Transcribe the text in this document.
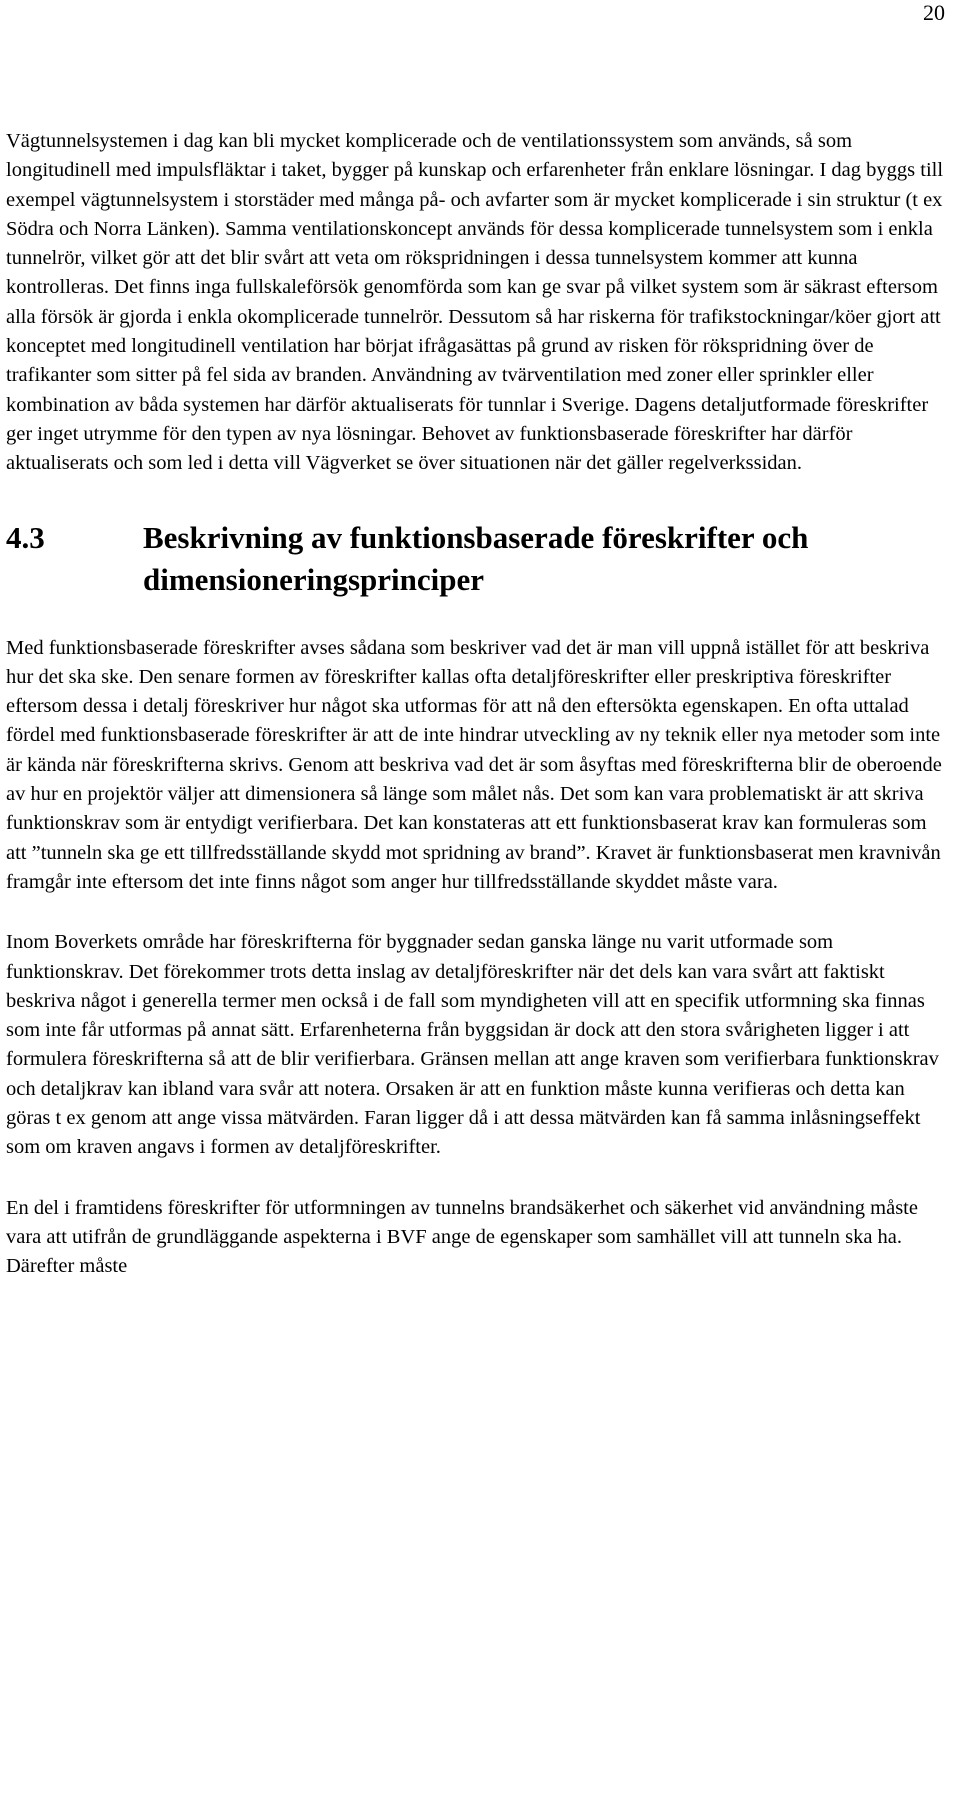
20

Vägtunnelsystemen i dag kan bli mycket komplicerade och de ventilationssystem som används, så som longitudinell med impulsfläktar i taket, bygger på kunskap och erfarenheter från enklare lösningar. I dag byggs till exempel vägtunnelsystem i storstäder med många på- och avfarter som är mycket komplicerade i sin struktur (t ex Södra och Norra Länken). Samma ventilationskoncept används för dessa komplicerade tunnelsystem som i enkla tunnelrör, vilket gör att det blir svårt att veta om rökspridningen i dessa tunnelsystem kommer att kunna kontrolleras. Det finns inga fullskaleförsök genomförda som kan ge svar på vilket system som är säkrast eftersom alla försök är gjorda i enkla okomplicerade tunnelrör. Dessutom så har riskerna för trafikstockningar/köer gjort att konceptet med longitudinell ventilation har börjat ifrågasättas på grund av risken för rökspridning över de trafikanter som sitter på fel sida av branden. Användning av tvärventilation med zoner eller sprinkler eller kombination av båda systemen har därför aktualiserats för tunnlar i Sverige. Dagens detaljutformade föreskrifter ger inget utrymme för den typen av nya lösningar. Behovet av funktionsbaserade föreskrifter har därför aktualiserats och som led i detta vill Vägverket se över situationen när det gäller regelverkssidan.

4.3	Beskrivning av funktionsbaserade föreskrifter och dimensioneringsprinciper

Med funktionsbaserade föreskrifter avses sådana som beskriver vad det är man vill uppnå istället för att beskriva hur det ska ske. Den senare formen av föreskrifter kallas ofta detaljföreskrifter eller preskriptiva föreskrifter eftersom dessa i detalj föreskriver hur något ska utformas för att nå den eftersökta egenskapen. En ofta uttalad fördel med funktionsbaserade föreskrifter är att de inte hindrar utveckling av ny teknik eller nya metoder som inte är kända när föreskrifterna skrivs. Genom att beskriva vad det är som åsyftas med föreskrifterna blir de oberoende av hur en projektör väljer att dimensionera så länge som målet nås. Det som kan vara problematiskt är att skriva funktionskrav som är entydigt verifierbara. Det kan konstateras att ett funktionsbaserat krav kan formuleras som att ”tunneln ska ge ett tillfredsställande skydd mot spridning av brand”. Kravet är funktionsbaserat men kravnivån framgår inte eftersom det inte finns något som anger hur tillfredsställande skyddet måste vara.

Inom Boverkets område har föreskrifterna för byggnader sedan ganska länge nu varit utformade som funktionskrav. Det förekommer trots detta inslag av detaljföreskrifter när det dels kan vara svårt att faktiskt beskriva något i generella termer men också i de fall som myndigheten vill att en specifik utformning ska finnas som inte får utformas på annat sätt. Erfarenheterna från byggsidan är dock att den stora svårigheten ligger i att formulera föreskrifterna så att de blir verifierbara. Gränsen mellan att ange kraven som verifierbara funktionskrav och detaljkrav kan ibland vara svår att notera. Orsaken är att en funktion måste kunna verifieras och detta kan göras t ex genom att ange vissa mätvärden. Faran ligger då i att dessa mätvärden kan få samma inlåsningseffekt som om kraven angavs i formen av detaljföreskrifter.

En del i framtidens föreskrifter för utformningen av tunnelns brandsäkerhet och säkerhet vid användning måste vara att utifrån de grundläggande aspekterna i BVF ange de egenskaper som samhället vill att tunneln ska ha. Därefter måste
